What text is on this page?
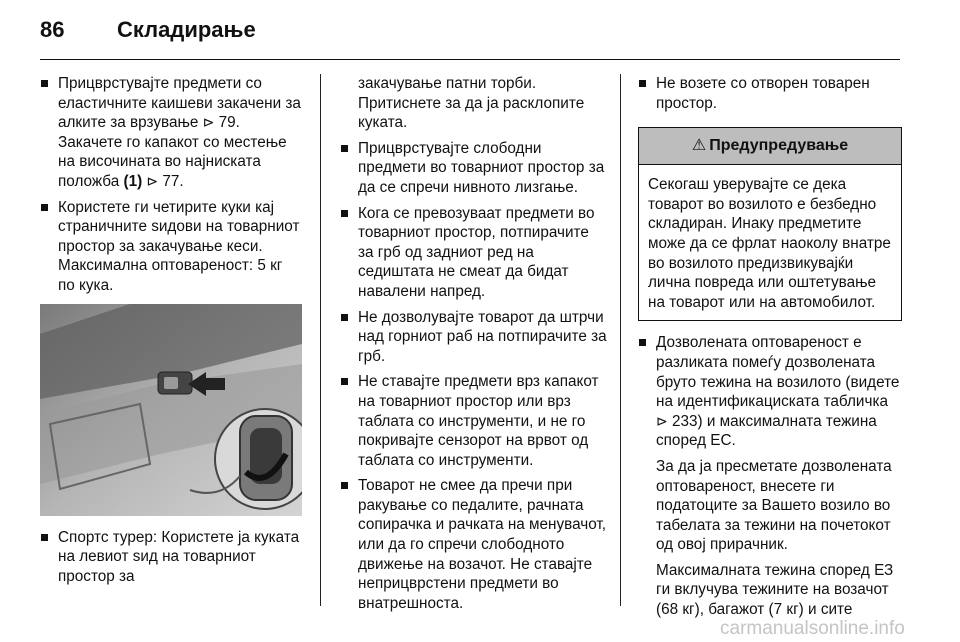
86 Складирање
Прицврстувајте предмети со еластичните каишеви закачени за алките за врзување ⊳ 79. Закачете го капакот со местење на височината во најниската положба (1) ⊳ 77.
Користете ги четирите куки кај страничните sидови на товарниот простор за закачување кеси. Максимална оптовареност: 5 кг по кука.
Спортс турер: Користете ја куката на левиот sид на товарниот простор за
закачување патни торби. Притиснете за да ја расклопите куката.
Прицврстувајте слободни предмети во товарниот простор за да се спречи нивното лизгање.
Кога се превозуваат предмети во товарниот простор, потпирачите за грб од задниот ред на седиштата не смеат да бидат навалени напред.
Не дозволувајте товарот да штрчи над горниот раб на потпирачите за грб.
Не ставајте предмети врз капакот на товарниот простор или врз таблата со инструменти, и не го покривајте сензорот на врвот од таблата со инструменти.
Товарот не смее да пречи при ракување со педалите, рачната сопирачка и рачката на менувачот, или да го спречи слободното движење на возачот. Не ставајте неприцврстени предмети во внатрешноста.
Не возете со отворен товарен простор.
⚠ Предупредување
Секогаш уверувајте се дека товарот во возилото е безбедно складиран. Инаку предметите може да се фрлат наоколу внатре во возилото предизвикувајќи лична повреда или оштетување на товарот или на автомобилот.
Дозволената оптовареност е разликата помеѓу дозволената бруто тежина на возилото (видете на идентификациската табличка ⊳ 233) и максималната тежина според ЕС.
За да ја пресметате дозволената оптовареност, внесете ги податоците за Вашето возило во табелата за тежини на почетокот од овој прирачник.
Максималната тежина според ЕЗ ги вклучува тежините на возачот (68 кг), багажот (7 кг) и сите
carmanualsonline.info
